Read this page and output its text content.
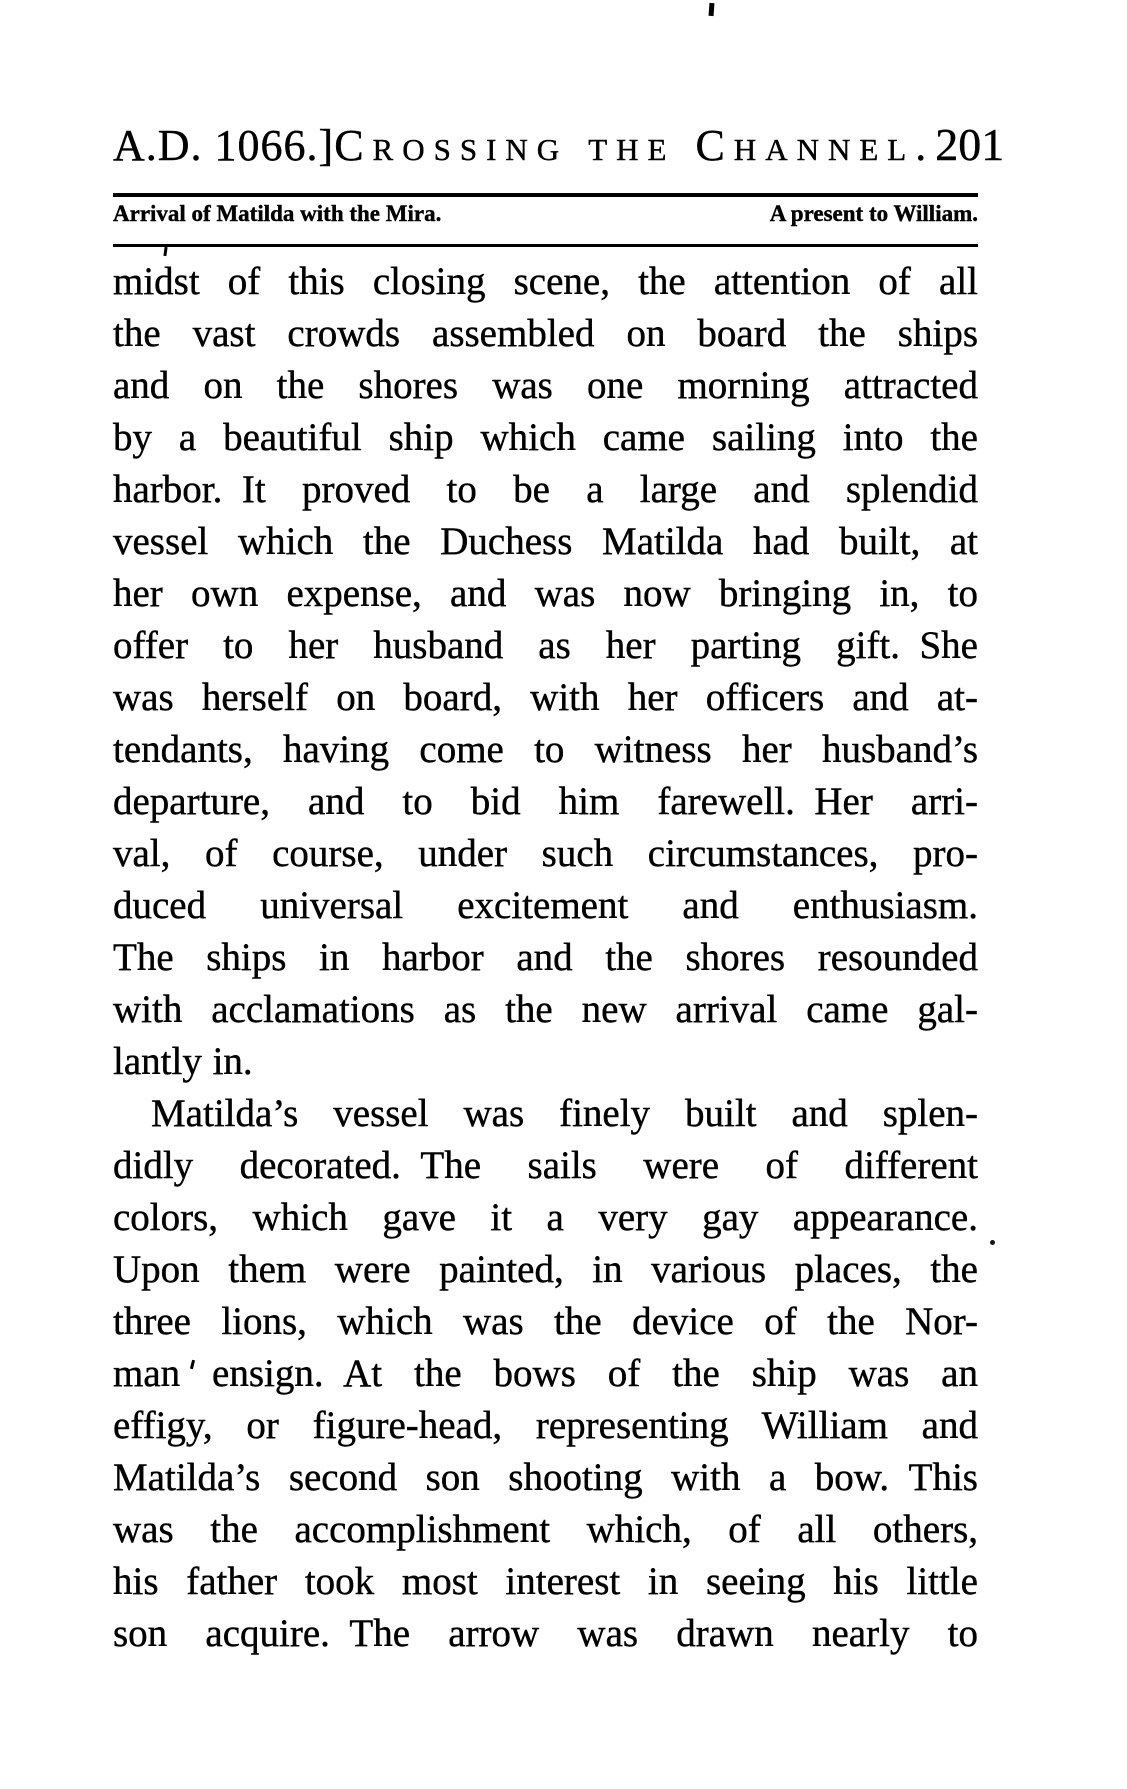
A.D. 1066.] Crossing the Channel. 201
Arrival of Matilda with the Mira.	A present to William.
midst of this closing scene, the attention of all
the vast crowds assembled on board the ships
and on the shores was one morning attracted
by a beautiful ship which came sailing into the
harbor. It proved to be a large and splendid
vessel which the Duchess Matilda had built, at
her own expense, and was now bringing in, to
offer to her husband as her parting gift. She
was herself on board, with her officers and at-
tendants, having come to witness her husband’s
departure, and to bid him farewell. Her arri-
val, of course, under such circumstances, pro-
duced universal excitement and enthusiasm.
The ships in harbor and the shores resounded
with acclamations as the new arrival came gal-
lantly in.
Matilda’s vessel was finely built and splen-
didly decorated. The sails were of different
colors, which gave it a very gay appearance.
Upon them were painted, in various places, the
three lions, which was the device of the Nor-
man ensign. At the bows of the ship was an
effigy, or figure-head, representing William and
Matilda’s second son shooting with a bow. This
was the accomplishment which, of all others,
his father took most interest in seeing his little
son acquire. The arrow was drawn nearly to
